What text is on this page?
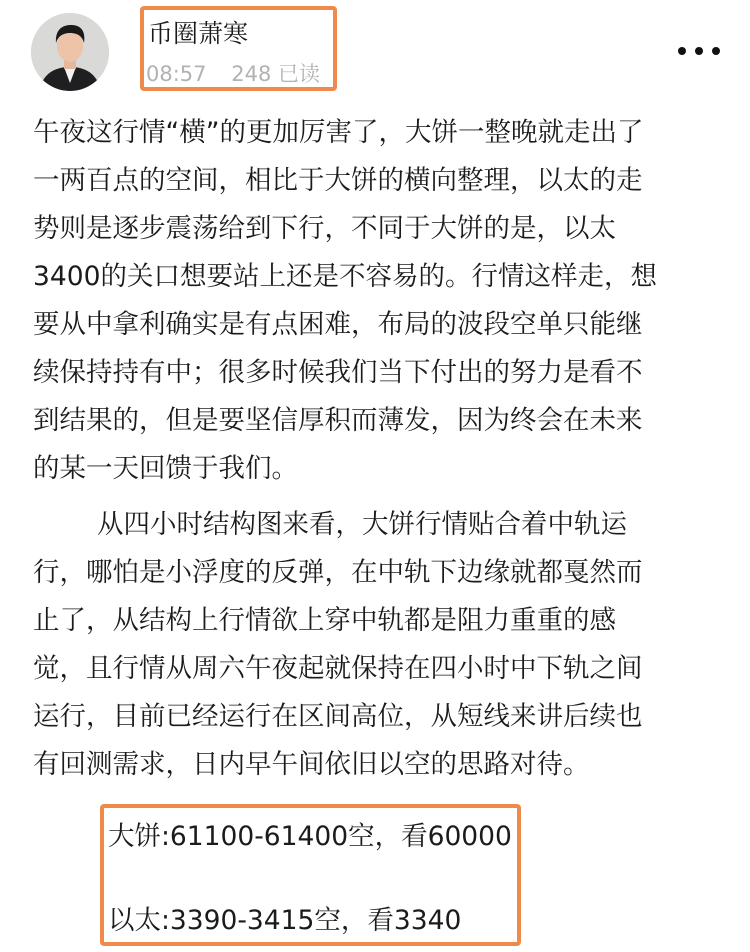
币圈萧寒
08:57 248 已读
午夜这行情“横”的更加厉害了，大饼一整晚就走出了
一两百点的空间，相比于大饼的横向整理，以太的走
势则是逐步震荡给到下行，不同于大饼的是，以太
3400的关口想要站上还是不容易的。行情这样走，想
要从中拿利确实是有点困难，布局的波段空单只能继
续保持持有中；很多时候我们当下付出的努力是看不
到结果的，但是要坚信厚积而薄发，因为终会在未来
的某一天回馈于我们。
从四小时结构图来看，大饼行情贴合着中轨运
行，哪怕是小浮度的反弹，在中轨下边缘就都戛然而
止了，从结构上行情欲上穿中轨都是阻力重重的感
觉，且行情从周六午夜起就保持在四小时中下轨之间
运行，目前已经运行在区间高位，从短线来讲后续也
有回测需求，日内早午间依旧以空的思路对待。
大饼:61100-61400空，看60000
以太:3390-3415空，看3340
